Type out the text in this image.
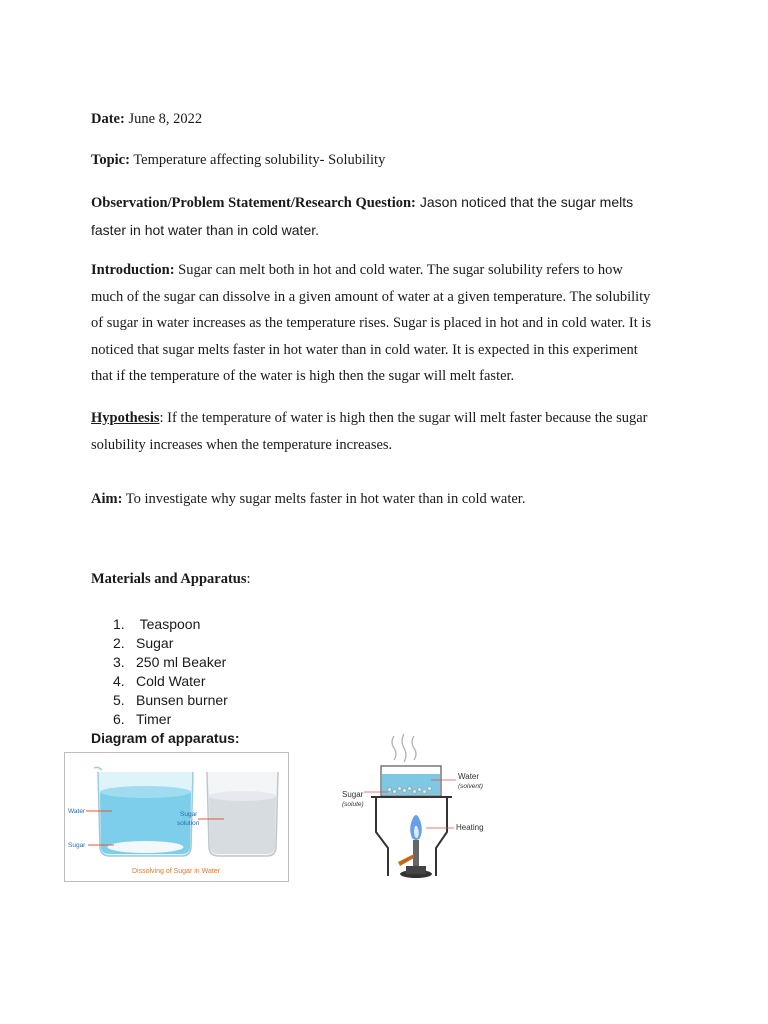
Date: June 8, 2022
Topic: Temperature affecting solubility- Solubility
Observation/Problem Statement/Research Question: Jason noticed that the sugar melts
faster in hot water than in cold water.
Introduction: Sugar can melt both in hot and cold water. The sugar solubility refers to how
much of the sugar can dissolve in a given amount of water at a given temperature. The solubility
of sugar in water increases as the temperature rises. Sugar is placed in hot and in cold water. It is
noticed that sugar melts faster in hot water than in cold water. It is expected in this experiment
that if the temperature of the water is high then the sugar will melt faster.
Hypothesis: If the temperature of water is high then the sugar will melt faster because the sugar
solubility increases when the temperature increases.
Aim: To investigate why sugar melts faster in hot water than in cold water.
Materials and Apparatus:
1. Teaspoon
2. Sugar
3. 250 ml Beaker
4. Cold Water
5. Bunsen burner
6. Timer
Diagram of apparatus:
Water
Sugar
Sugar
solution
Dissolving of Sugar in Water
Sugar
(solute)
Water
(solvent)
Heating
